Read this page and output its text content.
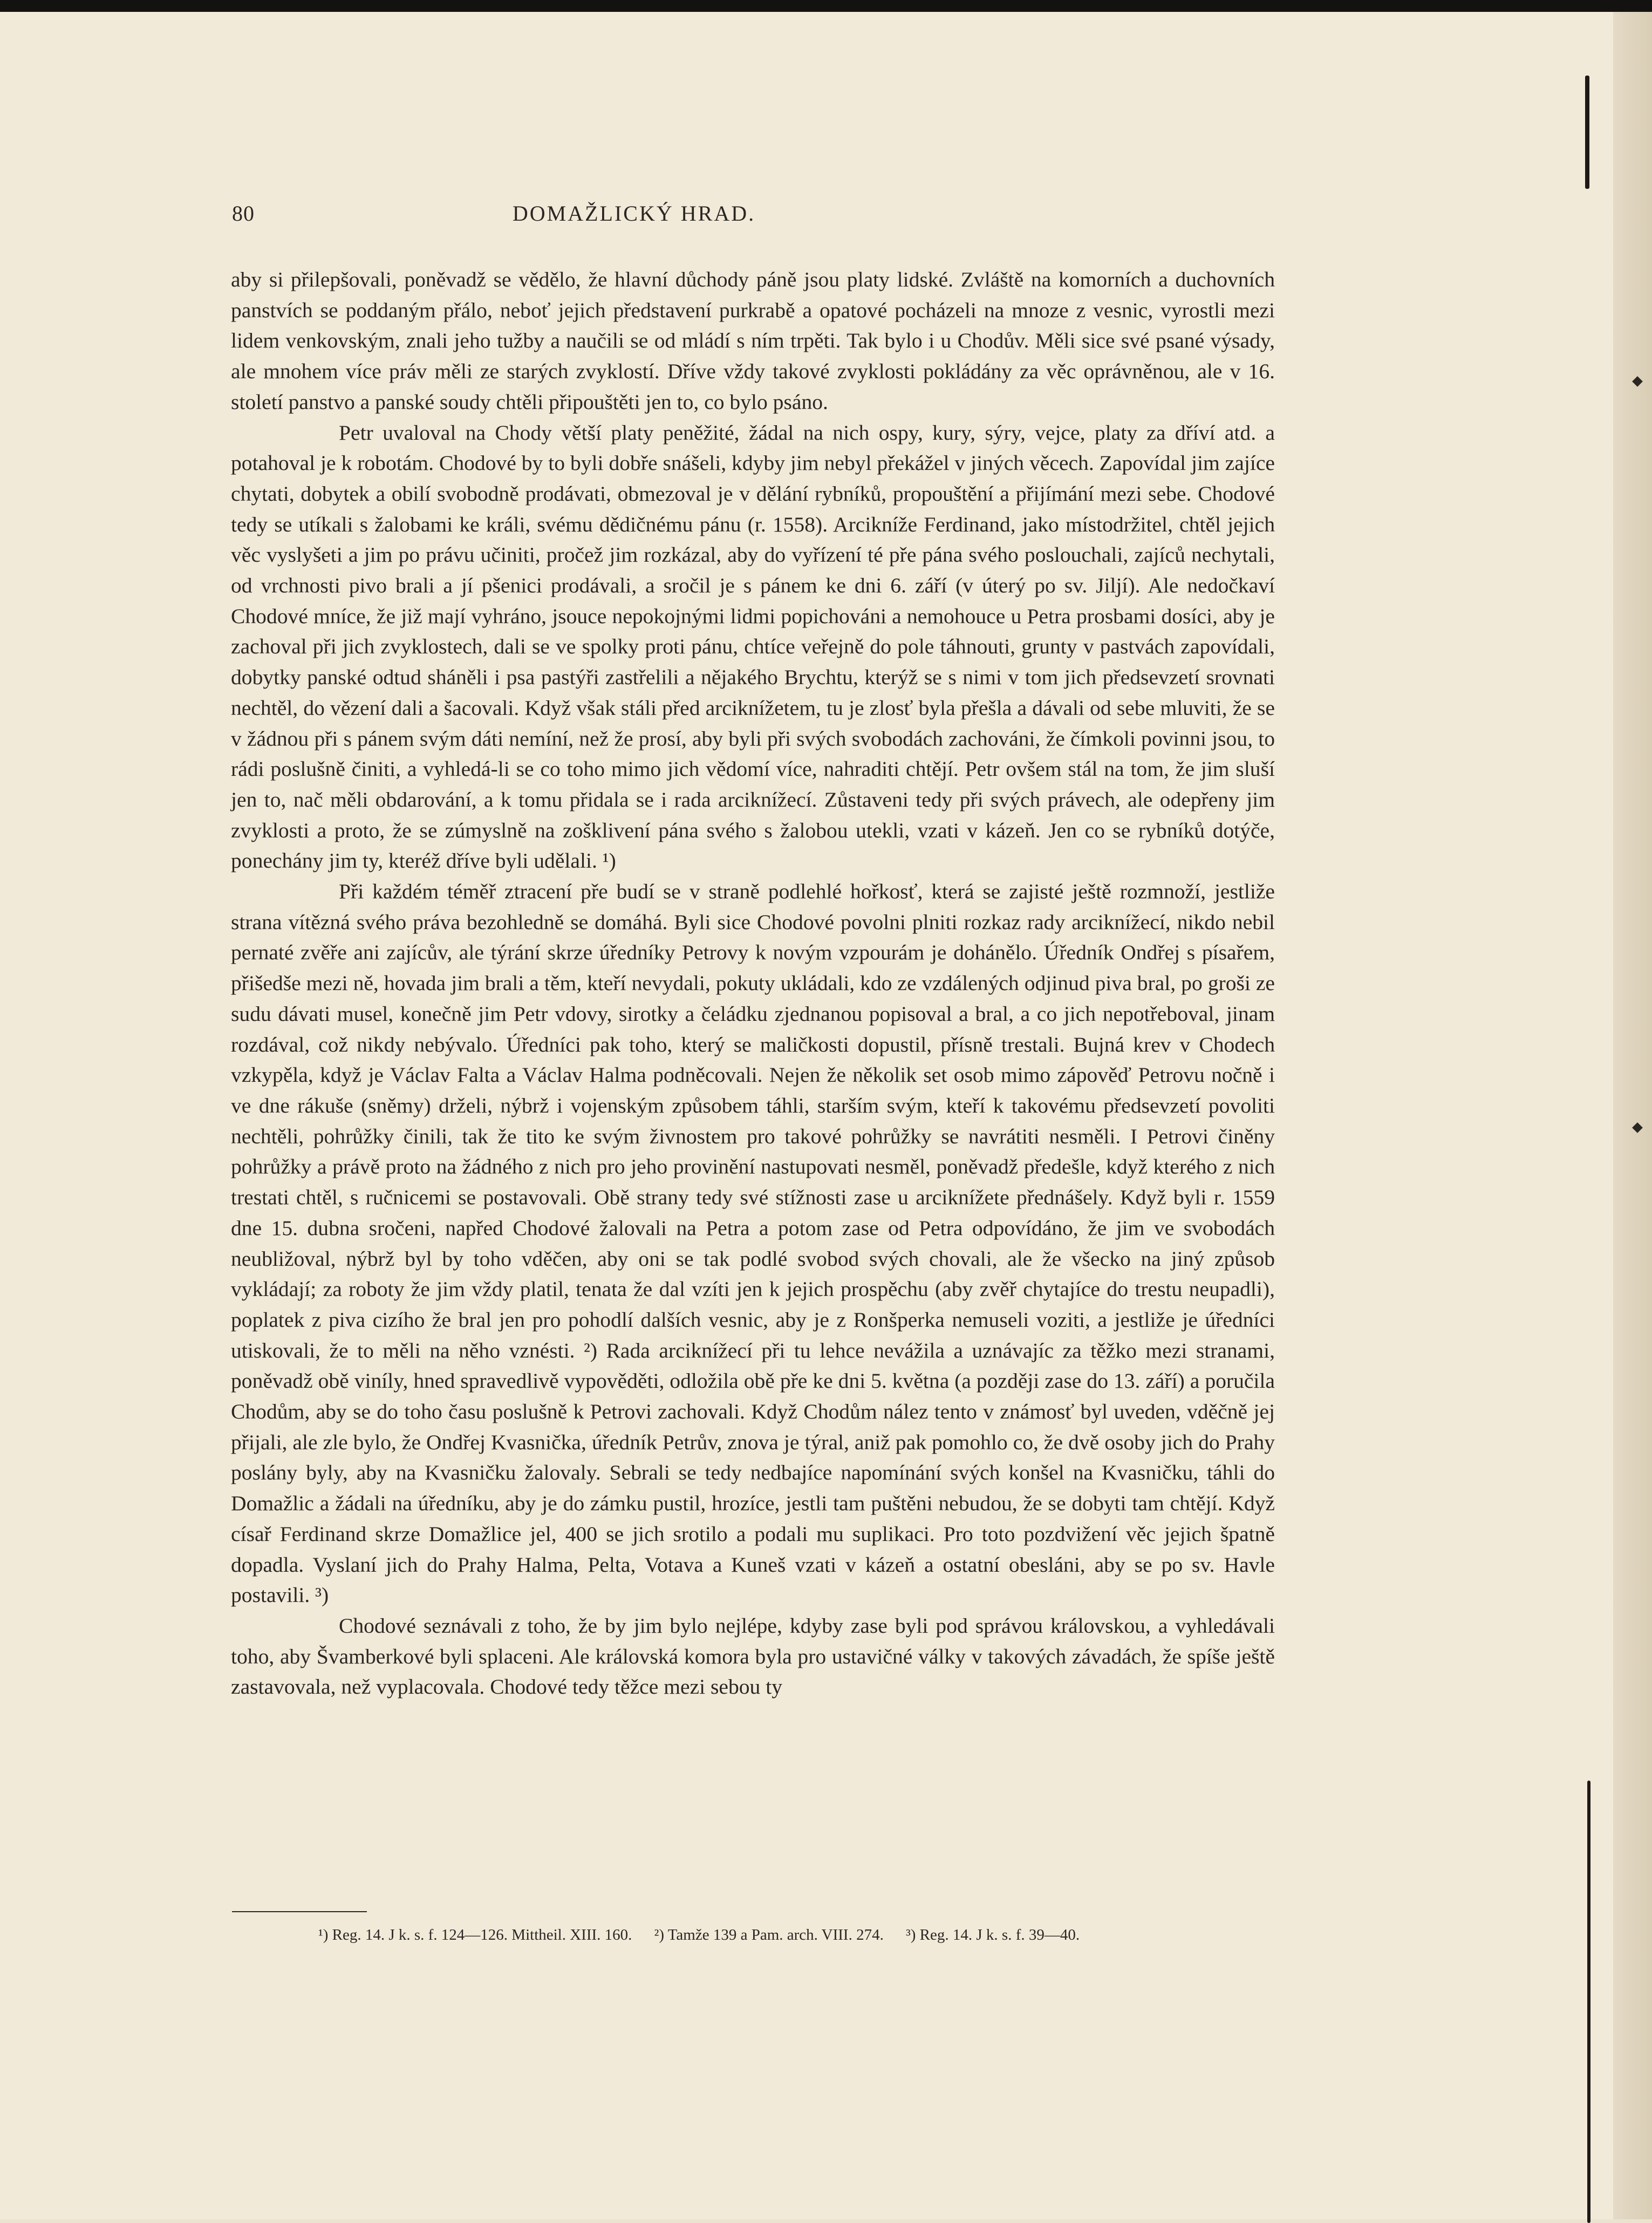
80	DOMAŽLICKÝ HRAD.

aby si přilepšovali, poněvadž se vědělo, že hlavní důchody páně jsou platy lidské. Zvláště na komorních a duchovních panstvích se poddaným přálo, neboť jejich představení purkrabě a opatové pocházeli na mnoze z vesnic, vyrostli mezi lidem venkovským, znali jeho tužby a naučili se od mládí s ním trpěti. Tak bylo i u Chodův. Měli sice své psané výsady, ale mnohem více práv měli ze starých zvyklostí. Dříve vždy takové zvyklosti pokládány za věc oprávněnou, ale v 16. století panstvo a panské soudy chtěli připouštěti jen to, co bylo psáno.

Petr uvaloval na Chody větší platy peněžité, žádal na nich ospy, kury, sýry, vejce, platy za dříví atd. a potahoval je k robotám. Chodové by to byli dobře snášeli, kdyby jim nebyl překážel v jiných věcech. Zapovídal jim zajíce chytati, dobytek a obilí svobodně prodávati, obmezoval je v dělání rybníků, propouštění a přijímání mezi sebe. Chodové tedy se utíkali s žalobami ke králi, svému dědičnému pánu (r. 1558). Arcikníže Ferdinand, jako místodržitel, chtěl jejich věc vyslyšeti a jim po právu učiniti, pročež jim rozkázal, aby do vyřízení té pře pána svého poslouchali, zajíců nechytali, od vrchnosti pivo brali a jí pšenici prodávali, a sročil je s pánem ke dni 6. září (v úterý po sv. Jiljí). Ale nedočkaví Chodové mníce, že již mají vyhráno, jsouce nepokojnými lidmi popichováni a nemohouce u Petra prosbami dosíci, aby je zachoval při jich zvyklostech, dali se ve spolky proti pánu, chtíce veřejně do pole táhnouti, grunty v pastvách zapovídali, dobytky panské odtud sháněli i psa pastýři zastřelili a nějakého Brychtu, kterýž se s nimi v tom jich předsevzetí srovnati nechtěl, do vězení dali a šacovali. Když však stáli před arciknížetem, tu je zlosť byla přešla a dávali od sebe mluviti, že se v žádnou při s pánem svým dáti nemíní, než že prosí, aby byli při svých svobodách zachováni, že čímkoli povinni jsou, to rádi poslušně činiti, a vyhledá-li se co toho mimo jich vědomí více, nahraditi chtějí. Petr ovšem stál na tom, že jim sluší jen to, nač měli obdarování, a k tomu přidala se i rada arciknížecí. Zůstaveni tedy při svých právech, ale odepřeny jim zvyklosti a proto, že se zúmyslně na zošklivení pána svého s žalobou utekli, vzati v kázeň. Jen co se rybníků dotýče, ponechány jim ty, kteréž dříve byli udělali. ¹)

Při každém téměř ztracení pře budí se v straně podlehlé hořkosť, která se zajisté ještě rozmnoží, jestliže strana vítězná svého práva bezohledně se domáhá. Byli sice Chodové povolni plniti rozkaz rady arciknížecí, nikdo nebil pernaté zvěře ani zajícův, ale týrání skrze úředníky Petrovy k novým vzpourám je dohánělo. Úředník Ondřej s písařem, přišedše mezi ně, hovada jim brali a těm, kteří nevydali, pokuty ukládali, kdo ze vzdálených odjinud piva bral, po groši ze sudu dávati musel, konečně jim Petr vdovy, sirotky a čeládku zjednanou popisoval a bral, a co jich nepotřeboval, jinam rozdával, což nikdy nebývalo. Úředníci pak toho, který se maličkosti dopustil, přísně trestali. Bujná krev v Chodech vzkypěla, když je Václav Falta a Václav Halma podněcovali. Nejen že několik set osob mimo zápověď Petrovu nočně i ve dne rákuše (sněmy) drželi, nýbrž i vojenským způsobem táhli, starším svým, kteří k takovému předsevzetí povoliti nechtěli, pohrůžky činili, tak že tito ke svým živnostem pro takové pohrůžky se navrátiti nesměli. I Petrovi činěny pohrůžky a právě proto na žádného z nich pro jeho provinění nastupovati nesměl, poněvadž předešle, když kterého z nich trestati chtěl, s ručnicemi se postavovali. Obě strany tedy své stížnosti zase u arciknížete přednášely. Když byli r. 1559 dne 15. dubna sročeni, napřed Chodové žalovali na Petra a potom zase od Petra odpovídáno, že jim ve svobodách neubližoval, nýbrž byl by toho vděčen, aby oni se tak podlé svobod svých chovali, ale že všecko na jiný způsob vykládají; za roboty že jim vždy platil, tenata že dal vzíti jen k jejich prospěchu (aby zvěř chytajíce do trestu neupadli), poplatek z piva cizího že bral jen pro pohodlí dalších vesnic, aby je z Ronšperka nemuseli voziti, a jestliže je úředníci utiskovali, že to měli na něho vznésti. ²) Rada arciknížecí při tu lehce nevážila a uznávajíc za těžko mezi stranami, poněvadž obě viníly, hned spravedlivě vypověděti, odložila obě pře ke dni 5. května (a později zase do 13. září) a poručila Chodům, aby se do toho času poslušně k Petrovi zachovali. Když Chodům nález tento v známosť byl uveden, vděčně jej přijali, ale zle bylo, že Ondřej Kvasnička, úředník Petrův, znova je týral, aniž pak pomohlo co, že dvě osoby jich do Prahy poslány byly, aby na Kvasničku žalovaly. Sebrali se tedy nedbajíce napomínání svých konšel na Kvasničku, táhli do Domažlic a žádali na úředníku, aby je do zámku pustil, hrozíce, jestli tam puštěni nebudou, že se dobyti tam chtějí. Když císař Ferdinand skrze Domažlice jel, 400 se jich srotilo a podali mu suplikaci. Pro toto pozdvižení věc jejich špatně dopadla. Vyslaní jich do Prahy Halma, Pelta, Votava a Kuneš vzati v kázeň a ostatní obesláni, aby se po sv. Havle postavili. ³)

Chodové seznávali z toho, že by jim bylo nejlépe, kdyby zase byli pod správou královskou, a vyhledávali toho, aby Švamberkové byli splaceni. Ale královská komora byla pro ustavičné války v takových závadách, že spíše ještě zastavovala, než vyplacovala. Chodové tedy těžce mezi sebou ty

¹) Reg. 14. J k. s. f. 124—126. Mittheil. XIII. 160. ²) Tamže 139 a Pam. arch. VIII. 274. ³) Reg. 14. J k. s. f. 39—40.
